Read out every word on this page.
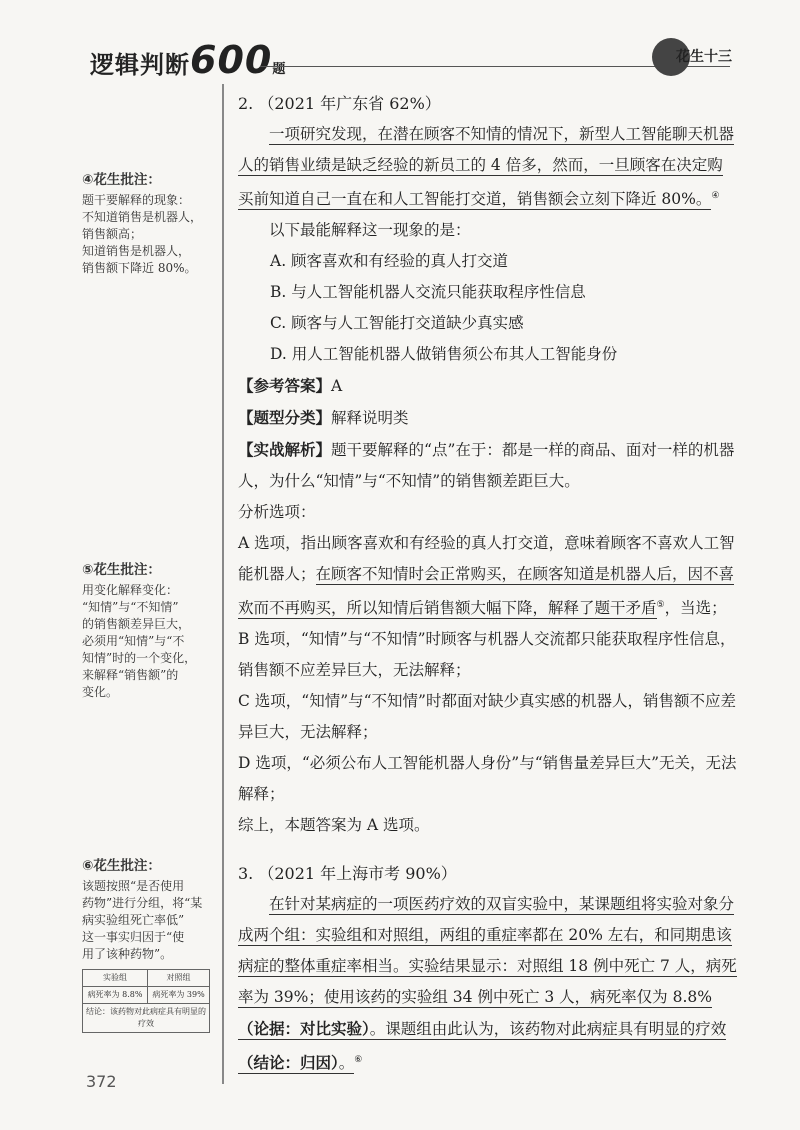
逻辑判断600题
花生十三

2. （2021 年广东省 62%）

一项研究发现，在潜在顾客不知情的情况下，新型人工智能聊天机器人的销售业绩是缺乏经验的新员工的 4 倍多，然而，一旦顾客在决定购买前知道自己一直在和人工智能打交道，销售额会立刻下降近 80%。④

以下最能解释这一现象的是：

A. 顾客喜欢和有经验的真人打交道

B. 与人工智能机器人交流只能获取程序性信息

C. 顾客与人工智能打交道缺少真实感

D. 用人工智能机器人做销售须公布其人工智能身份

【参考答案】A

【题型分类】解释说明类

【实战解析】题干要解释的“点”在于：都是一样的商品、面对一样的机器人，为什么“知情”与“不知情”的销售额差距巨大。

分析选项：

A 选项，指出顾客喜欢和有经验的真人打交道，意味着顾客不喜欢人工智能机器人；在顾客不知情时会正常购买，在顾客知道是机器人后，因不喜欢而不再购买，所以知情后销售额大幅下降，解释了题干矛盾⑤，当选；

B 选项，“知情”与“不知情”时顾客与机器人交流都只能获取程序性信息，销售额不应差异巨大，无法解释；

C 选项，“知情”与“不知情”时都面对缺少真实感的机器人，销售额不应差异巨大，无法解释；

D 选项，“必须公布人工智能机器人身份”与“销售量差异巨大”无关，无法解释；

综上，本题答案为 A 选项。

3. （2021 年上海市考 90%）

在针对某病症的一项医药疗效的双盲实验中，某课题组将实验对象分成两个组：实验组和对照组，两组的重症率都在 20% 左右，和同期患该病症的整体重症率相当。实验结果显示：对照组 18 例中死亡 7 人，病死率为 39%；使用该药的实验组 34 例中死亡 3 人，病死率仅为 8.8%（论据：对比实验）。课题组由此认为，该药物对此病症具有明显的疗效（结论：归因）。⑥

④花生批注：
题干要解释的现象：
不知道销售是机器人，
销售额高；
知道销售是机器人，
销售额下降近 80%。
⑤花生批注：
用变化解释变化：
“知情”与“不知情”
的销售额差异巨大，
必须用“知情”与“不
知情”时的一个变化，
来解释“销售额”的
变化。
⑥花生批注：
该题按照“是否使用
药物”进行分组，将“某
病实验组死亡率低”
这一事实归因于“使
用了该种药物”。
实验组	对照组
病死率为 8.8%	病死率为 39%
结论：该药物对此病症具有明显的疗效	
372
